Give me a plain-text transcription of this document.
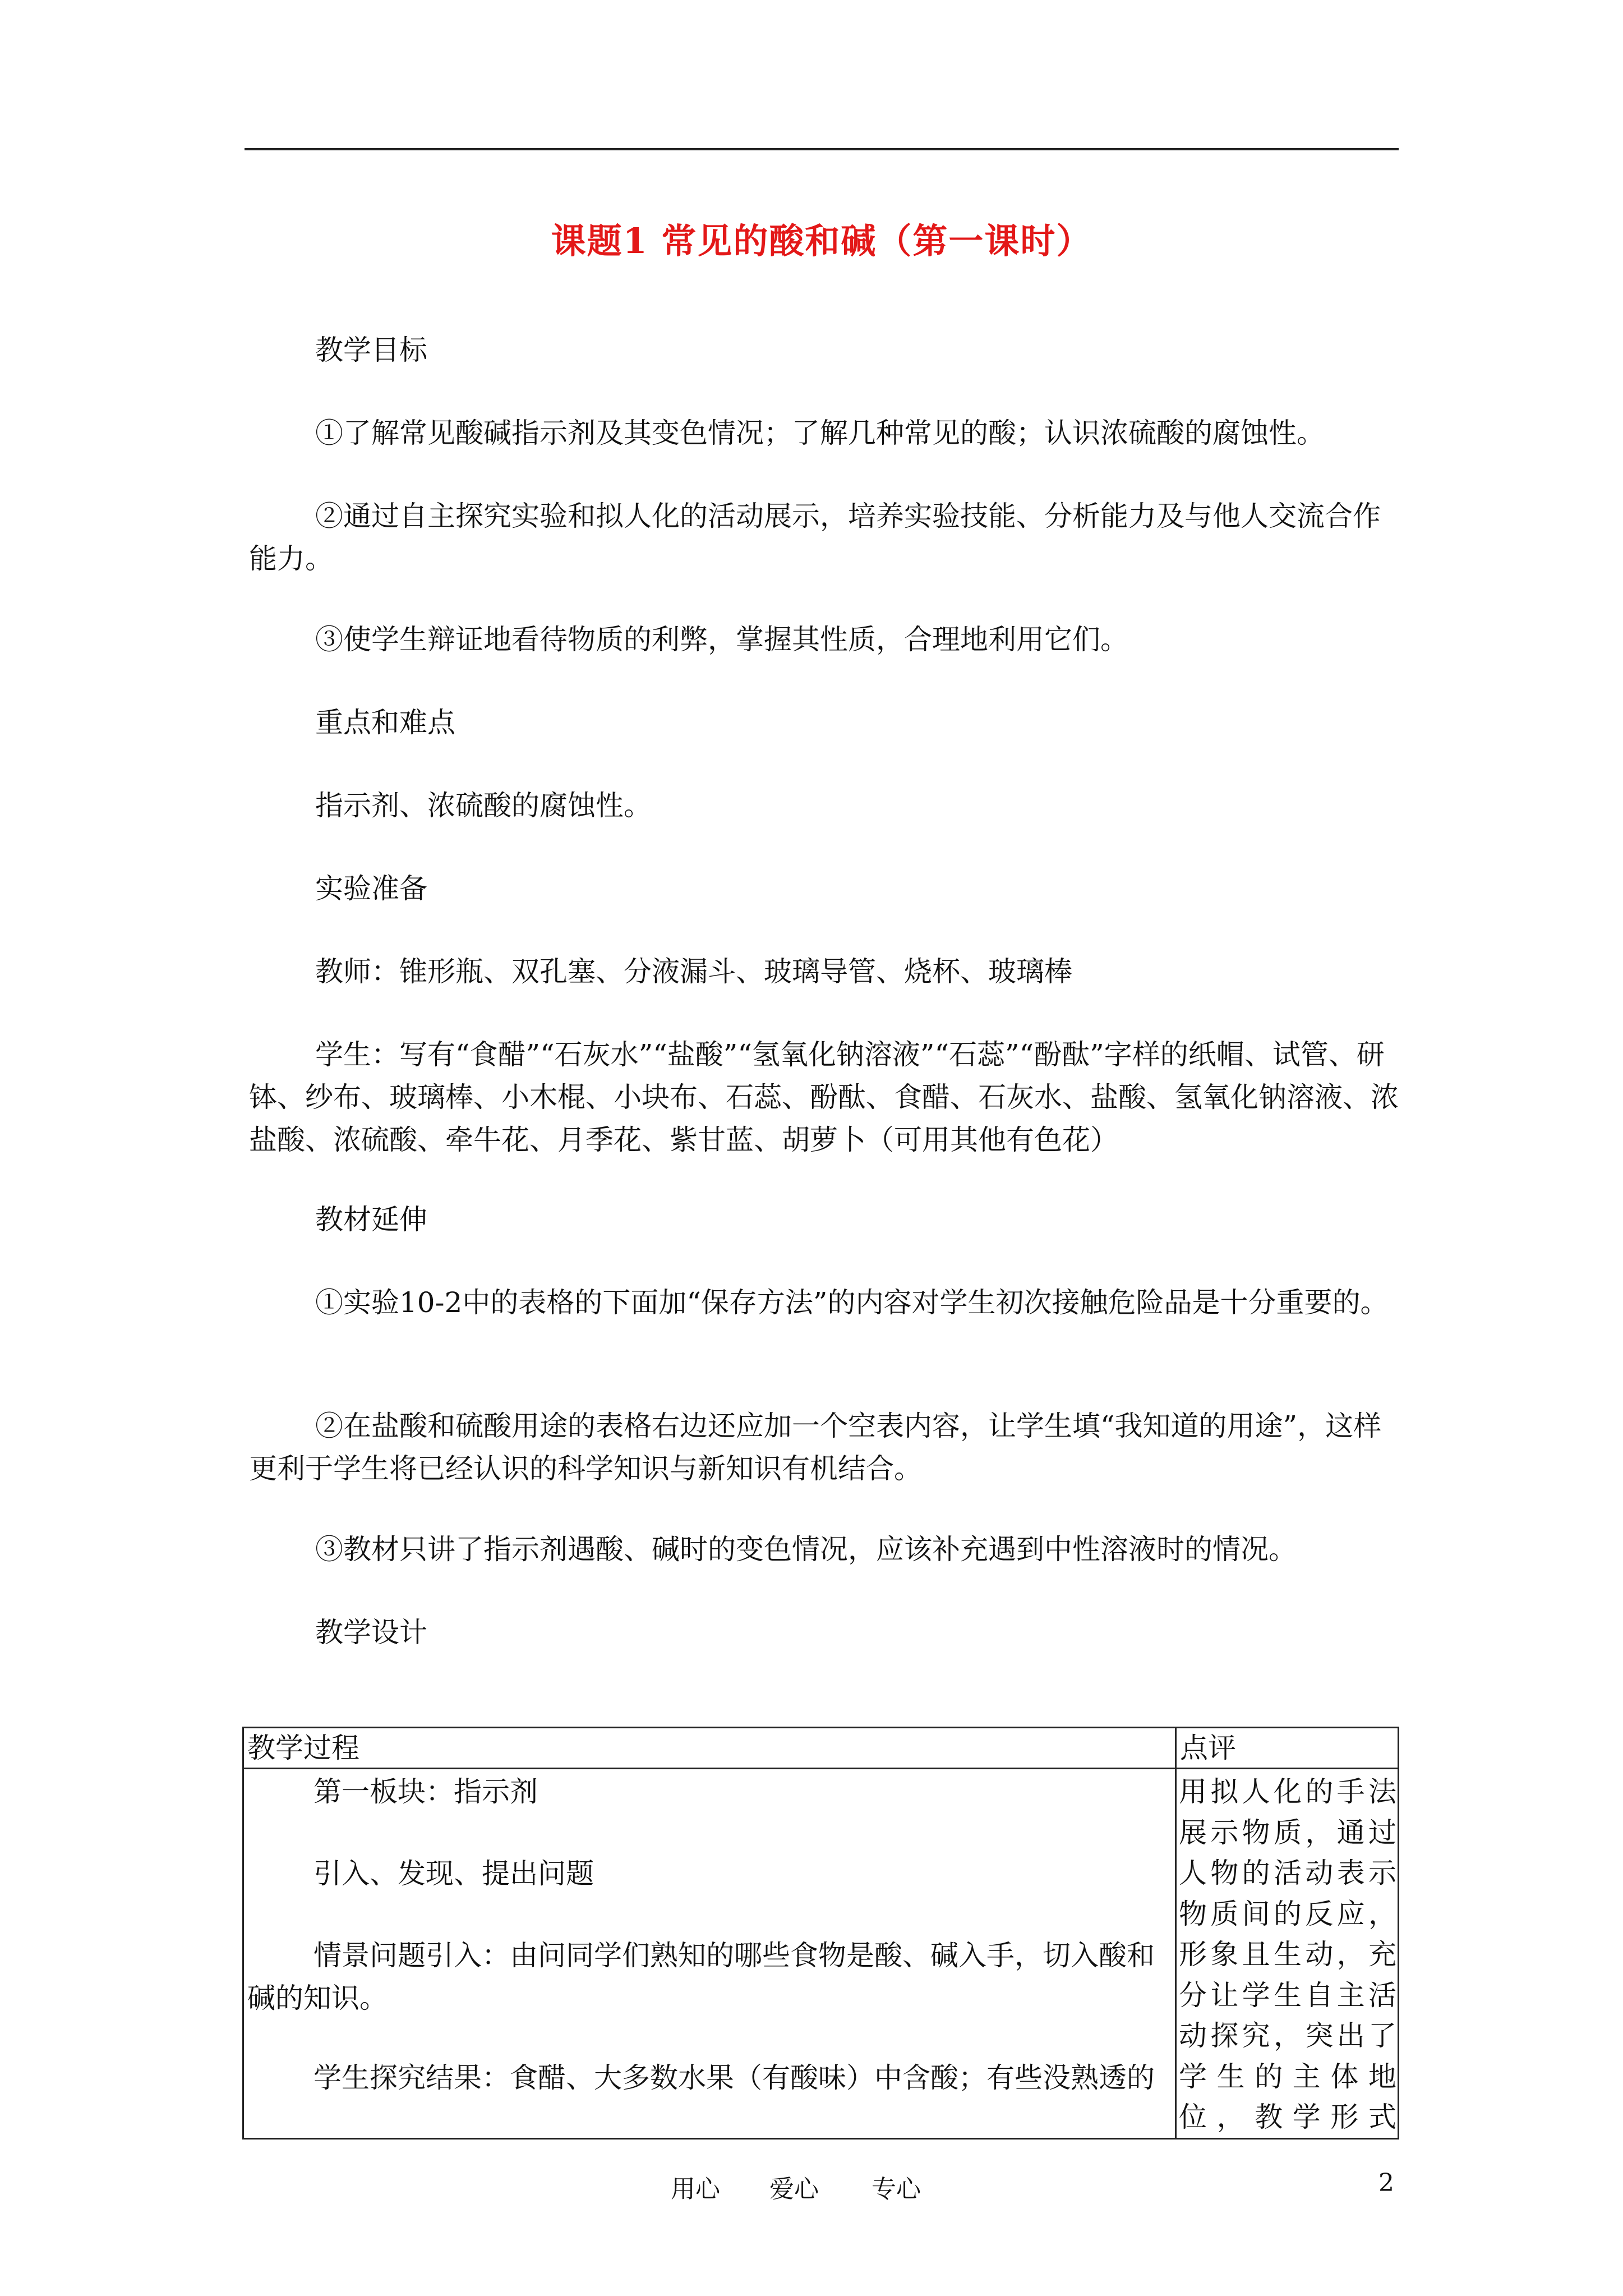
课题1 常见的酸和碱（第一课时）

教学目标

①了解常见酸碱指示剂及其变色情况；了解几种常见的酸；认识浓硫酸的腐蚀性。

②通过自主探究实验和拟人化的活动展示，培养实验技能、分析能力及与他人交流合作能力。

③使学生辩证地看待物质的利弊，掌握其性质，合理地利用它们。

重点和难点

指示剂、浓硫酸的腐蚀性。

实验准备

教师：锥形瓶、双孔塞、分液漏斗、玻璃导管、烧杯、玻璃棒

学生：写有“食醋”“石灰水”“盐酸”“氢氧化钠溶液”“石蕊”“酚酞”字样的纸帽、试管、研钵、纱布、玻璃棒、小木棍、小块布、石蕊、酚酞、食醋、石灰水、盐酸、氢氧化钠溶液、浓盐酸、浓硫酸、牵牛花、月季花、紫甘蓝、胡萝卜（可用其他有色花）

教材延伸

①实验10-2中的表格的下面加“保存方法”的内容对学生初次接触危险品是十分重要的。

②在盐酸和硫酸用途的表格右边还应加一个空表内容，让学生填“我知道的用途”，这样更利于学生将已经认识的科学知识与新知识有机结合。

③教材只讲了指示剂遇酸、碱时的变色情况，应该补充遇到中性溶液时的情况。

教学设计

教学过程	点评

第一板块：指示剂

引入、发现、提出问题

情景问题引入：由问同学们熟知的哪些食物是酸、碱入手，切入酸和碱的知识。

学生探究结果：食醋、大多数水果（有酸味）中含酸；有些没熟透的	用拟人化的手法展示物质，通过人物的活动表示物质间的反应，形象且生动，充分让学生自主活动探究，突出了学生的主体地位，教学形式
用心 爱心 专心	2
